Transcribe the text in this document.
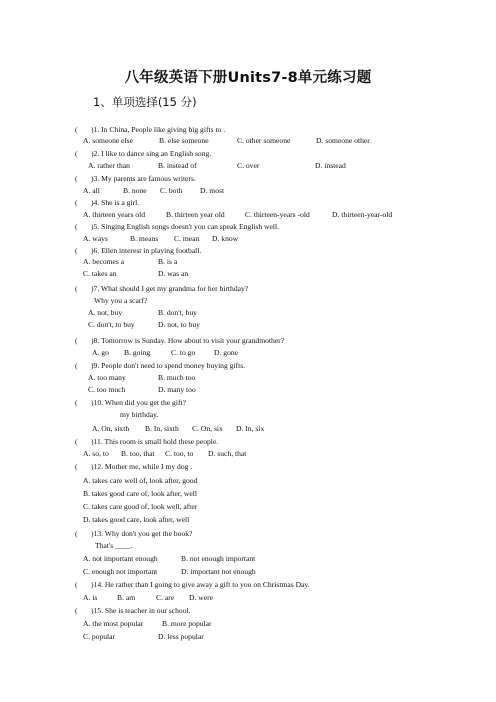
八年级英语下册Units7-8单元练习题
1、单项选择(15 分)
( )1. In China, People like giving big gifts to .
A. someone else	B. else someone	C. other someone	D. someone other
( )2. I like to dance sing an English song.
A. rather than	B. instead of	C. over	D. instead
( )3. My parents are famous writers.
A. all	B. none C. both D. most
( )4. She is a girl.
A. thirteen years old	B. thirteen year old	C. thirteen-years -old	D. thirteen-year-old
( )5. Singing English songs doesn't you can speak English well.
A. ways	B. means C. mean D. know
( )6. Ellen interest in playing football.
A. becomes a	B. is a
C. takes an	D. was an
( )7. What should I get my grandma for her birthday?
Why you a scarf?
A. not, buy	B. don't, buy
C. don't, to buy	D. not, to buy
( )8. Tomorrow is Sunday. How about to visit your grandmother?
A. go B. going	C. to go D. gone
( )9. People don't need to spend money buying gifts.
A. too many	B. much too
C. too much	D. many too
( )10. When did you get the gift?
my birthday.
A. On, sixth B. In, sixth C. On, six D. In, six
( )11. This room is small hold these people.
A. so, to B. too, that C. too, to D. such, that
( )12. Mother me, while I my dog .
A. takes care well of, look after, good
B. takes good care of, look after, well
C. takes care good of, look well, after
D. takes good care, look after, well
( )13. Why don't you get the book?
That's ____.
A. not important enough	B. not enough important
C. enough not important	D. important not enough
( )14. He rather than I going to give away a gift to you on Christmas Day.
A. is	B. am	C. are D. were
( )15. She is teacher in our school.
A. the most popular B. more popular
C. popular	D. less popular
